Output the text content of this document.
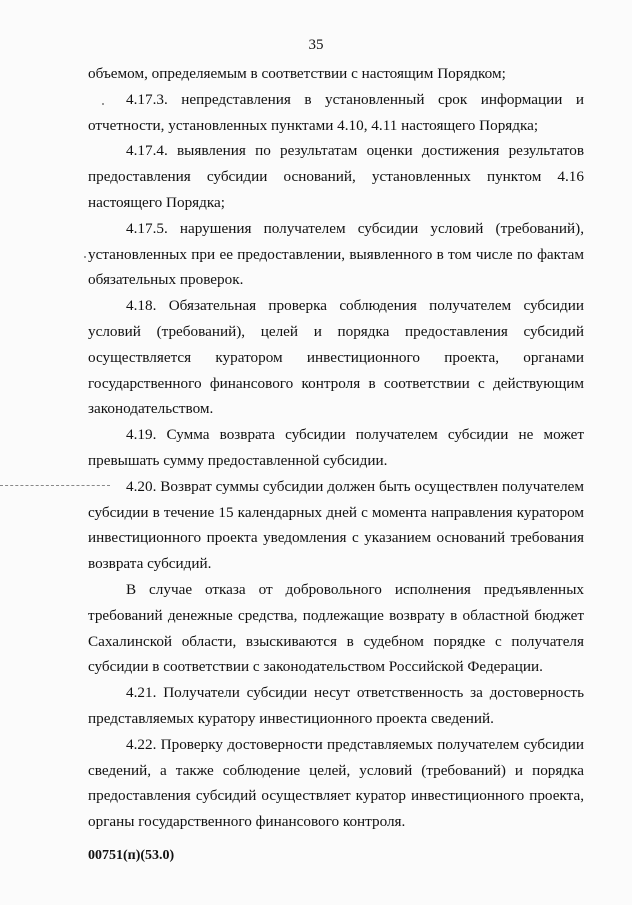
35

объемом, определяемым в соответствии с настоящим Порядком;

4.17.3. непредставления в установленный срок информации и отчетности, установленных пунктами 4.10, 4.11 настоящего Порядка;

4.17.4. выявления по результатам оценки достижения результатов предоставления субсидии оснований, установленных пунктом 4.16 настоящего Порядка;

4.17.5. нарушения получателем субсидии условий (требований), установленных при ее предоставлении, выявленного в том числе по фактам обязательных проверок.

4.18. Обязательная проверка соблюдения получателем субсидии условий (требований), целей и порядка предоставления субсидий осуществляется куратором инвестиционного проекта, органами государственного финансового контроля в соответствии с действующим законодательством.

4.19. Сумма возврата субсидии получателем субсидии не может превышать сумму предоставленной субсидии.

4.20. Возврат суммы субсидии должен быть осуществлен получателем субсидии в течение 15 календарных дней с момента направления куратором инвестиционного проекта уведомления с указанием оснований требования возврата субсидий.

В случае отказа от добровольного исполнения предъявленных требований денежные средства, подлежащие возврату в областной бюджет Сахалинской области, взыскиваются в судебном порядке с получателя субсидии в соответствии с законодательством Российской Федерации.

4.21. Получатели субсидии несут ответственность за достоверность представляемых куратору инвестиционного проекта сведений.

4.22. Проверку достоверности представляемых получателем субсидии сведений, а также соблюдение целей, условий (требований) и порядка предоставления субсидий осуществляет куратор инвестиционного проекта, органы государственного финансового контроля.

00751(п)(53.0)
